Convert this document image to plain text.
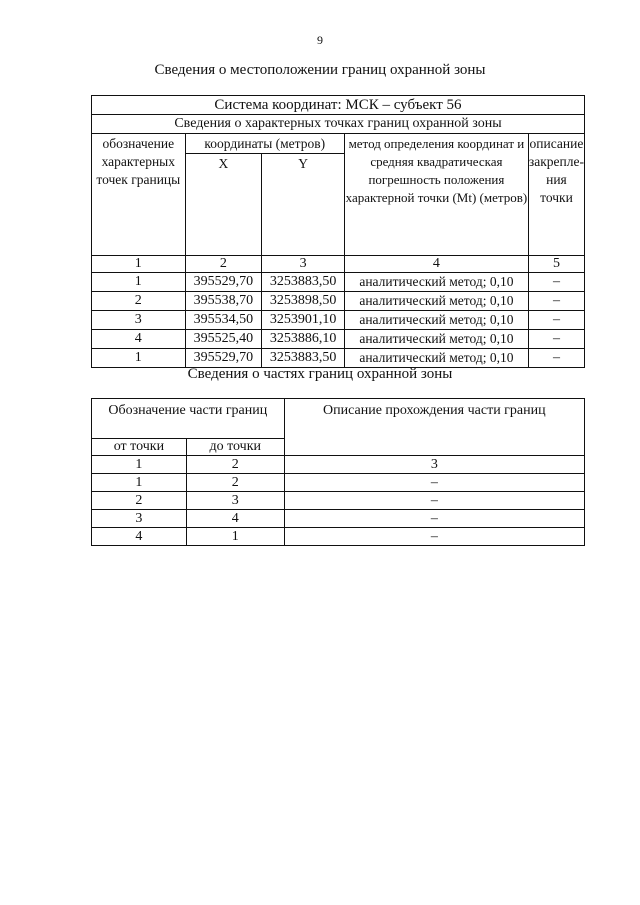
9
Сведения о местоположении границ охранной зоны
Система координат: МСК – субъект 56				
Сведения о характерных точках границ охранной зоны				
обозначение характерных точек границы	координаты (метров)		метод определения координат и средняя квадратическая погрешность положения характерной точки (Mt) (метров)	описание закрепле-ния точки
	X	Y		
1	2	3	4	5
1	395529,70	3253883,50	аналитический метод; 0,10	–
2	395538,70	3253898,50	аналитический метод; 0,10	–
3	395534,50	3253901,10	аналитический метод; 0,10	–
4	395525,40	3253886,10	аналитический метод; 0,10	–
1	395529,70	3253883,50	аналитический метод; 0,10	–
Сведения о частях границ охранной зоны
Обозначение части границ		Описание прохождения части границ
от точки	до точки	
1	2	3
1	2	–
2	3	–
3	4	–
4	1	–
